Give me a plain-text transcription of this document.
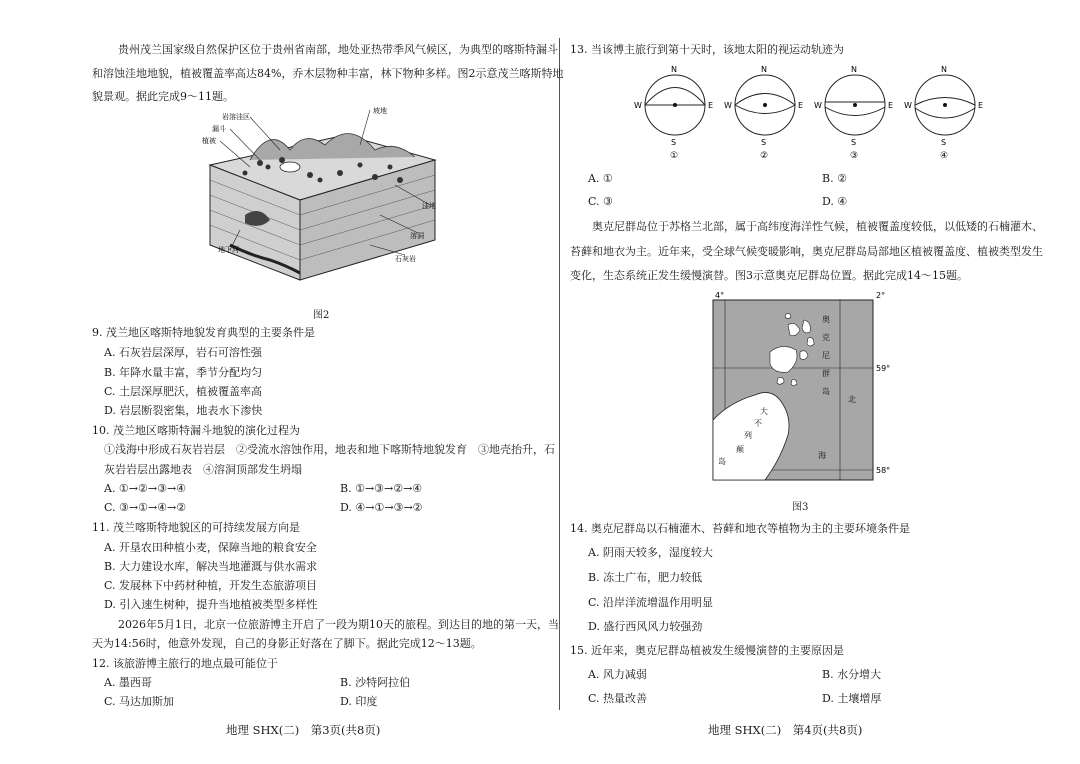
贵州茂兰国家级自然保护区位于贵州省南部，地处亚热带季风气候区，为典型的喀斯特漏斗
和溶蚀洼地地貌，植被覆盖率高达84%，乔木层物种丰富，林下物种多样。图2示意茂兰喀斯特地
貌景观。据此完成9～11题。
岩溶洼区
漏斗
植被
坡地
洼地
溶洞
石灰岩
地下河
图2
9. 茂兰地区喀斯特地貌发育典型的主要条件是
A. 石灰岩层深厚，岩石可溶性强
B. 年降水量丰富，季节分配均匀
C. 土层深厚肥沃，植被覆盖率高
D. 岩层断裂密集，地表水下渗快
10. 茂兰地区喀斯特漏斗地貌的演化过程为
①浅海中形成石灰岩岩层　②受流水溶蚀作用，地表和地下喀斯特地貌发育　③地壳抬升，石
灰岩岩层出露地表　④溶洞顶部发生坍塌
A. ①→②→③→④	B. ①→③→②→④
C. ③→①→④→②	D. ④→①→③→②
11. 茂兰喀斯特地貌区的可持续发展方向是
A. 开垦农田种植小麦，保障当地的粮食安全
B. 大力建设水库，解决当地灌溉与供水需求
C. 发展林下中药材种植，开发生态旅游项目
D. 引入速生树种，提升当地植被类型多样性
2026年5月1日，北京一位旅游博主开启了一段为期10天的旅程。到达目的地的第一天，当
天为14:56时，他意外发现，自己的身影正好落在了脚下。据此完成12～13题。
12. 该旅游博主旅行的地点最可能位于
A. 墨西哥	B. 沙特阿拉伯
C. 马达加斯加	D. 印度
地理 SHX(二)　第3页(共8页)
13. 当该博主旅行到第十天时，该地太阳的视运动轨迹为
N
S
W	E
①
N
S
W	E
②
N
S
W	E
③
N
S
W	E
④
A. ①	B. ②
C. ③	D. ④
奥克尼群岛位于苏格兰北部，属于高纬度海洋性气候，植被覆盖度较低，以低矮的石楠灌木、
苔藓和地衣为主。近年来，受全球气候变暖影响，奥克尼群岛局部地区植被覆盖度、植被类型发生
变化，生态系统正发生缓慢演替。图3示意奥克尼群岛位置。据此完成14～15题。
2°
4°
59°
58°
奥
克
尼
群
岛
北
海
大
不
列
颠
岛
图3
14. 奥克尼群岛以石楠灌木、苔藓和地衣等植物为主的主要环境条件是
A. 阴雨天较多，湿度较大
B. 冻土广布，肥力较低
C. 沿岸洋流增温作用明显
D. 盛行西风风力较强劲
15. 近年来，奥克尼群岛植被发生缓慢演替的主要原因是
A. 风力减弱	B. 水分增大
C. 热量改善	D. 土壤增厚
地理 SHX(二)　第4页(共8页)
